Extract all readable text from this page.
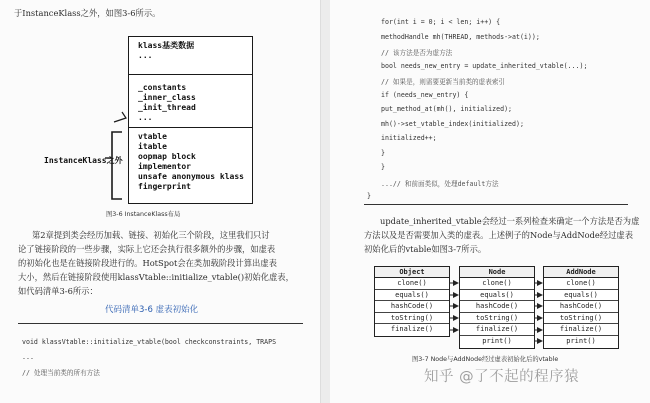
于InstanceKlass之外，如图3-6所示。
klass基类数据
...
_constants
_inner_class
_init_thread
...
vtable
itable
oopmap block
implementor
unsafe anonymous klass
fingerprint
InstanceKlass之外
图3-6 InstanceKlass布局
第2章提到类会经历加载、链接、初始化三个阶段，这里我们只讨
论了链接阶段的一些步骤，实际上它还会执行很多额外的步骤，如虚表
的初始化也是在链接阶段进行的。HotSpot会在类加载阶段计算出虚表
大小，然后在链接阶段使用klassVtable::initialize_vtable()初始化虚表，
如代码清单3-6所示：
代码清单3-6 虚表初始化
void klassVtable::initialize_vtable(bool checkconstraints, TRAPS
...
// 处理当前类的所有方法
for(int i = 0; i < len; i++) {
methodHandle mh(THREAD, methods->at(i));
// 该方法是否为虚方法
bool needs_new_entry = update_inherited_vtable(...);
// 如果是，则需要更新当前类的虚表索引
if (needs_new_entry) {
put_method_at(mh(), initialized);
mh()->set_vtable_index(initialized);
initialized++;
}
}
...// 和前面类似，处理default方法
}
update_inherited_vtable会经过一系列检查来确定一个方法是否为虚
方法以及是否需要加入类的虚表。上述例子的Node与AddNode经过虚表
初始化后的vtable如图3-7所示。
Object
clone()
equals()
hashCode()
toString()
finalize()
Node
clone()
equals()
hashCode()
toString()
finalize()
print()
AddNode
clone()
equals()
hashCode()
toString()
finalize()
print()
图3-7 Node与AddNode经过虚表初始化后的vtable
知乎 @了不起的程序猿
